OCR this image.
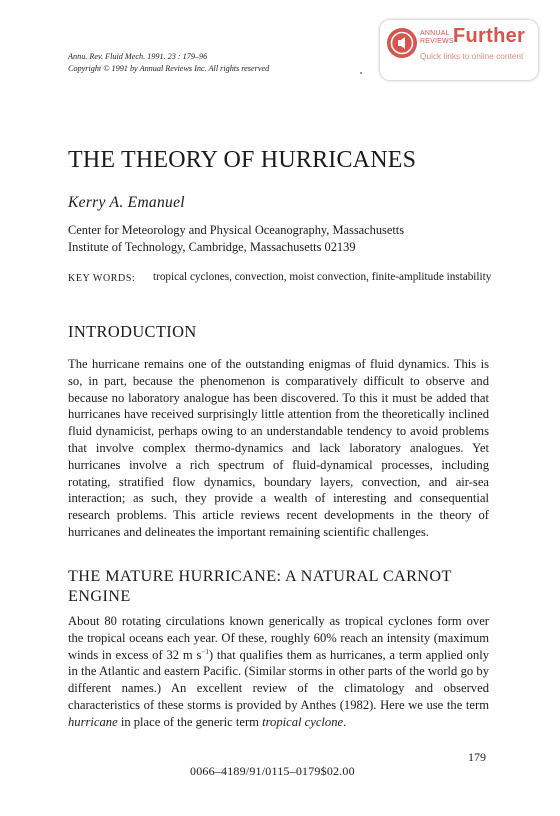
Annu. Rev. Fluid Mech. 1991. 23 : 179–96
Copyright © 1991 by Annual Reviews Inc. All rights reserved
ANNUAL
REVIEWS Further
Quick links to online content
THE THEORY OF HURRICANES
Kerry A. Emanuel
Center for Meteorology and Physical Oceanography, Massachusetts
Institute of Technology, Cambridge, Massachusetts 02139
KEY WORDS: tropical cyclones, convection, moist convection, finite-amplitude instability
INTRODUCTION
The hurricane remains one of the outstanding enigmas of fluid dynamics. This is so, in part, because the phenomenon is comparatively difficult to observe and because no laboratory analogue has been discovered. To this it must be added that hurricanes have received surprisingly little attention from the theoretically inclined fluid dynamicist, perhaps owing to an understandable tendency to avoid problems that involve complex thermo-dynamics and lack laboratory analogues. Yet hurricanes involve a rich spectrum of fluid-dynamical processes, including rotating, stratified flow dynamics, boundary layers, convection, and air-sea interaction; as such, they provide a wealth of interesting and consequential research problems. This article reviews recent developments in the theory of hurricanes and delineates the important remaining scientific challenges.
THE MATURE HURRICANE: A NATURAL CARNOT ENGINE
About 80 rotating circulations known generically as tropical cyclones form over the tropical oceans each year. Of these, roughly 60% reach an intensity (maximum winds in excess of 32 m $s^{-1}$) that qualifies them as hurricanes, a term applied only in the Atlantic and eastern Pacific. (Similar storms in other parts of the world go by different names.) An excellent review of the climatology and observed characteristics of these storms is provided by Anthes (1982). Here we use the term hurricane in place of the generic term tropical cyclone.
179
0066–4189/91/0115–0179$02.00
